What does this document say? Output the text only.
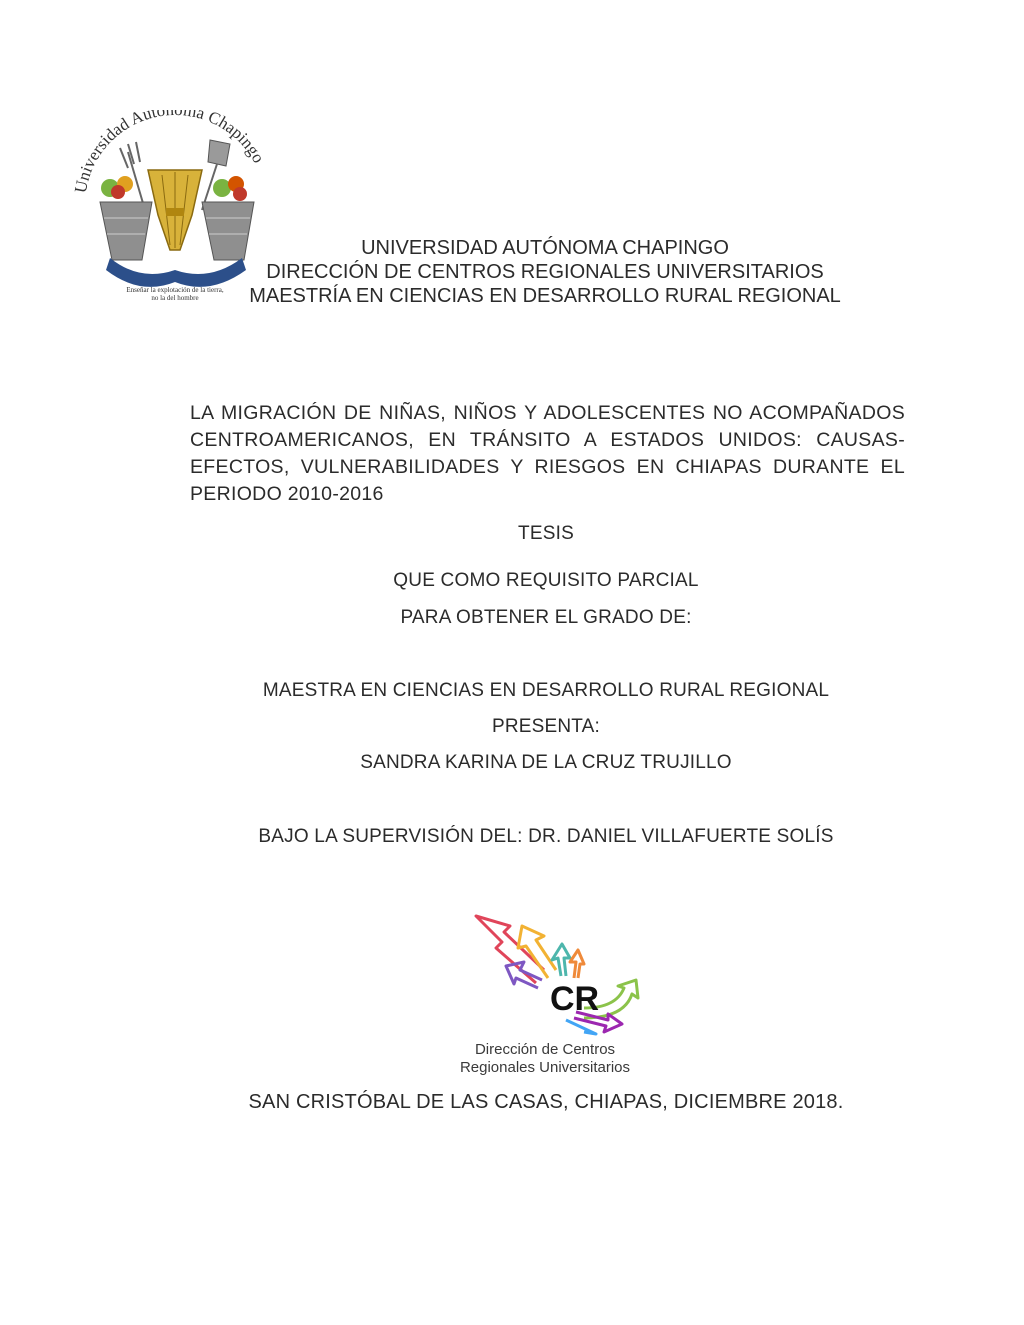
Universidad Autó ma Chapingo
Enseñar la explotación de la tierra,
no la del hombre
UNIVERSIDAD AUTÓNOMA CHAPINGO
DIRECCIÓN DE CENTROS REGIONALES UNIVERSITARIOS
MAESTRÍA EN CIENCIAS EN DESARROLLO RURAL REGIONAL
LA MIGRACIÓN DE NIÑAS, NIÑOS Y ADOLESCENTES NO ACOMPAÑADOS CENTROAMERICANOS, EN TRÁNSITO A ESTADOS UNIDOS: CAUSAS-EFECTOS, VULNERABILIDADES Y RIESGOS EN CHIAPAS DURANTE EL PERIODO 2010-2016
TESIS
QUE COMO REQUISITO PARCIAL
PARA OBTENER EL GRADO DE:
MAESTRA EN CIENCIAS EN DESARROLLO RURAL REGIONAL
PRESENTA:
SANDRA KARINA DE LA CRUZ TRUJILLO
BAJO LA SUPERVISIÓN DEL: DR. DANIEL VILLAFUERTE SOLÍS
CR
Dirección de Centros
Regionales Universitarios
SAN CRISTÓBAL DE LAS CASAS, CHIAPAS, DICIEMBRE 2018.
